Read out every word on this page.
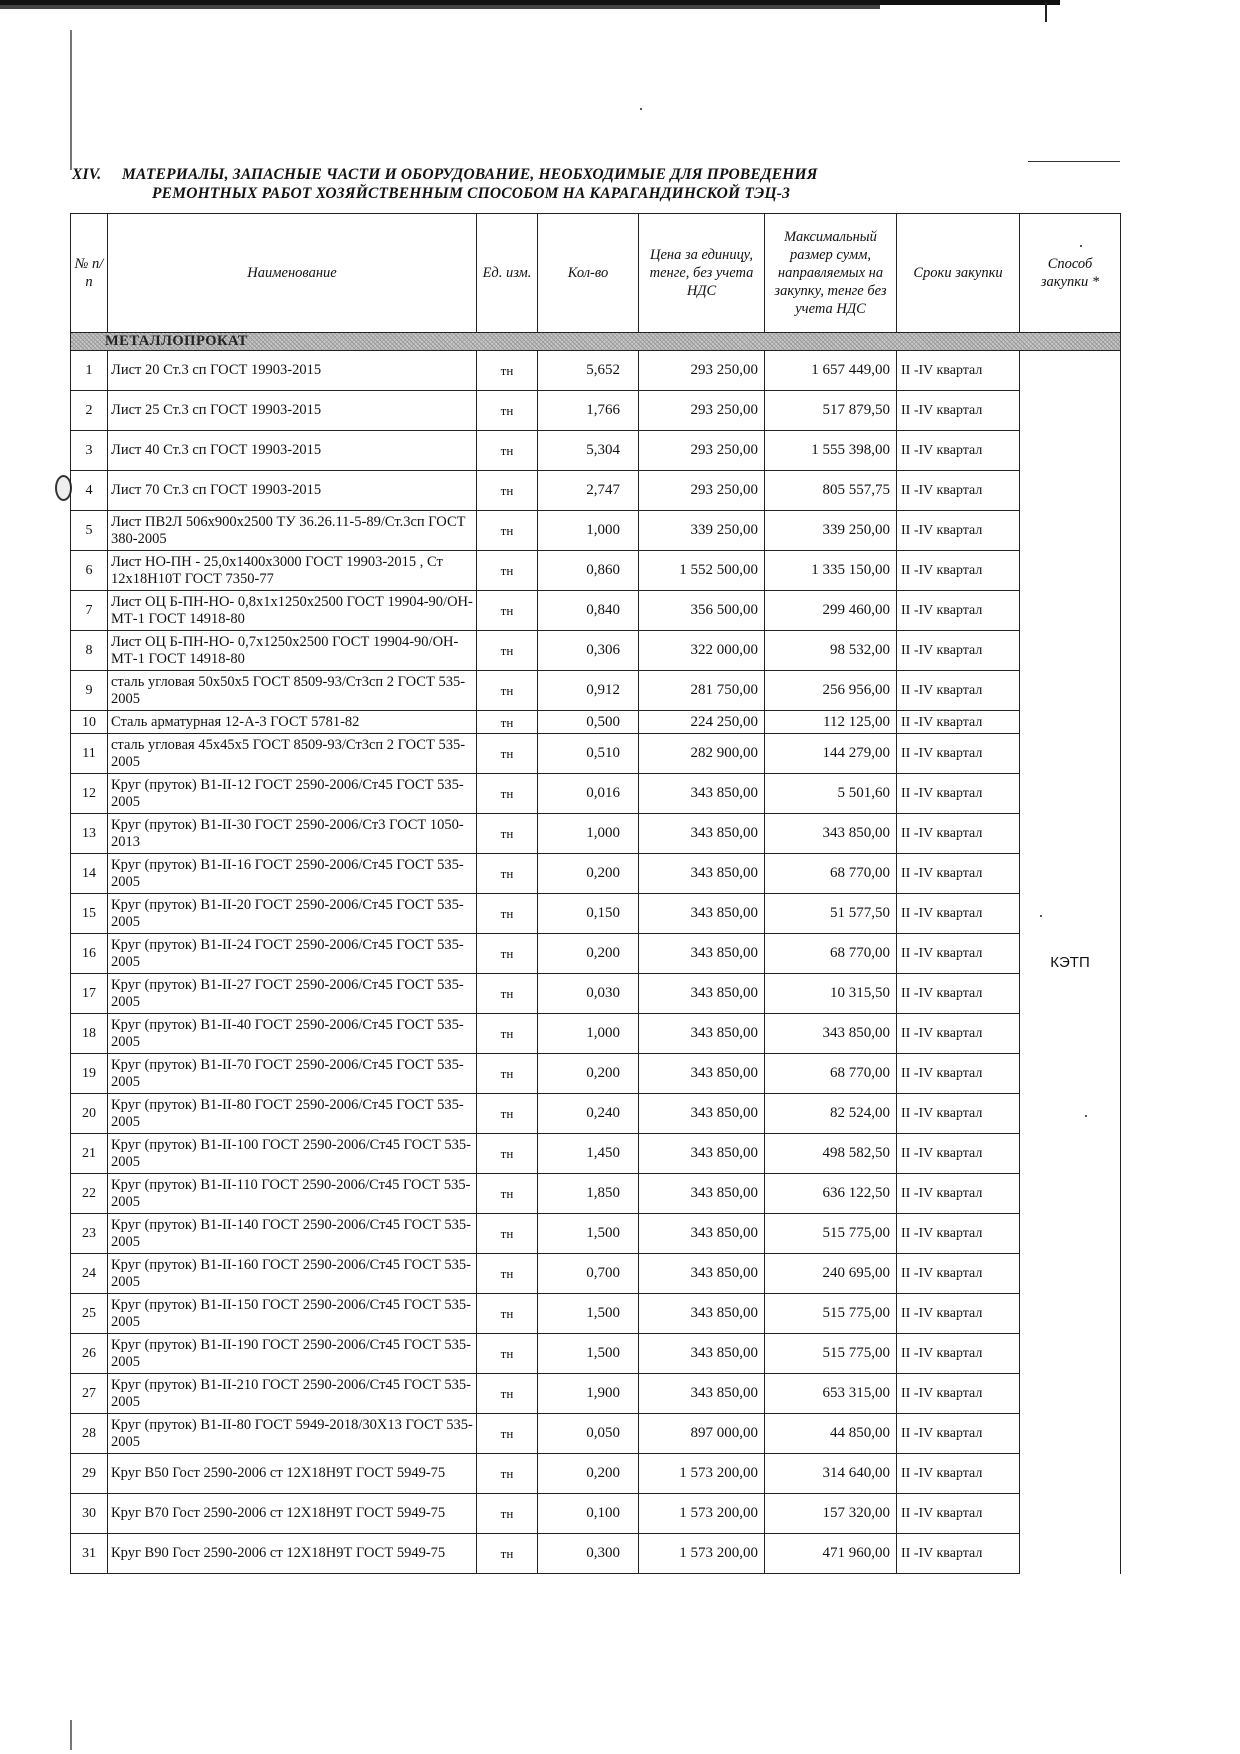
XIV. МАТЕРИАЛЫ, ЗАПАСНЫЕ ЧАСТИ И ОБОРУДОВАНИЕ, НЕОБХОДИМЫЕ ДЛЯ ПРОВЕДЕНИЯ
РЕМОНТНЫХ РАБОТ ХОЗЯЙСТВЕННЫМ СПОСОБОМ НА КАРАГАНДИНСКОЙ ТЭЦ-3
№ п/п	Наименование	Ед. изм.	Кол-во	Цена за единицу, тенге, без учета НДС	Максимальный размер сумм, направляемых на закупку, тенге без учета НДС	Сроки закупки	Способ закупки *
МЕТАЛЛОПРОКАТ							
1	Лист 20 Ст.3 сп ГОСТ 19903-2015	тн	5,652	293 250,00	1 657 449,00	II -IV квартал	КЭТП
2	Лист 25 Ст.3 сп ГОСТ 19903-2015	тн	1,766	293 250,00	517 879,50	II -IV квартал	
3	Лист 40 Ст.3 сп ГОСТ 19903-2015	тн	5,304	293 250,00	1 555 398,00	II -IV квартал	
4	Лист 70 Ст.3 сп ГОСТ 19903-2015	тн	2,747	293 250,00	805 557,75	II -IV квартал	
5	Лист ПВ2Л 506х900х2500 ТУ 36.26.11-5-89/Ст.3сп ГОСТ 380-2005	тн	1,000	339 250,00	339 250,00	II -IV квартал	
6	Лист НО-ПН - 25,0х1400х3000 ГОСТ 19903-2015 , Ст 12х18Н10Т ГОСТ 7350-77	тн	0,860	1 552 500,00	1 335 150,00	II -IV квартал	
7	Лист ОЦ Б-ПН-НО- 0,8х1х1250х2500 ГОСТ 19904-90/ОН-МТ-1 ГОСТ 14918-80	тн	0,840	356 500,00	299 460,00	II -IV квартал	
8	Лист ОЦ Б-ПН-НО- 0,7х1250х2500 ГОСТ 19904-90/ОН-МТ-1 ГОСТ 14918-80	тн	0,306	322 000,00	98 532,00	II -IV квартал	
9	сталь угловая 50х50х5 ГОСТ 8509-93/Ст3сп 2 ГОСТ 535-2005	тн	0,912	281 750,00	256 956,00	II -IV квартал	
10	Сталь арматурная 12-А-3 ГОСТ 5781-82	тн	0,500	224 250,00	112 125,00	II -IV квартал	
11	сталь угловая 45х45х5 ГОСТ 8509-93/Ст3сп 2 ГОСТ 535-2005	тн	0,510	282 900,00	144 279,00	II -IV квартал	
12	Круг (пруток) В1-II-12 ГОСТ 2590-2006/Ст45 ГОСТ 535-2005	тн	0,016	343 850,00	5 501,60	II -IV квартал	
13	Круг (пруток) В1-II-30 ГОСТ 2590-2006/Ст3 ГОСТ 1050-2013	тн	1,000	343 850,00	343 850,00	II -IV квартал	
14	Круг (пруток) В1-II-16 ГОСТ 2590-2006/Ст45 ГОСТ 535-2005	тн	0,200	343 850,00	68 770,00	II -IV квартал	
15	Круг (пруток) В1-II-20 ГОСТ 2590-2006/Ст45 ГОСТ 535-2005	тн	0,150	343 850,00	51 577,50	II -IV квартал	
16	Круг (пруток) В1-II-24 ГОСТ 2590-2006/Ст45 ГОСТ 535-2005	тн	0,200	343 850,00	68 770,00	II -IV квартал	
17	Круг (пруток) В1-II-27 ГОСТ 2590-2006/Ст45 ГОСТ 535-2005	тн	0,030	343 850,00	10 315,50	II -IV квартал	
18	Круг (пруток) В1-II-40 ГОСТ 2590-2006/Ст45 ГОСТ 535-2005	тн	1,000	343 850,00	343 850,00	II -IV квартал	
19	Круг (пруток) В1-II-70 ГОСТ 2590-2006/Ст45 ГОСТ 535-2005	тн	0,200	343 850,00	68 770,00	II -IV квартал	
20	Круг (пруток) В1-II-80 ГОСТ 2590-2006/Ст45 ГОСТ 535-2005	тн	0,240	343 850,00	82 524,00	II -IV квартал	
21	Круг (пруток) В1-II-100 ГОСТ 2590-2006/Ст45 ГОСТ 535-2005	тн	1,450	343 850,00	498 582,50	II -IV квартал	
22	Круг (пруток) В1-II-110 ГОСТ 2590-2006/Ст45 ГОСТ 535-2005	тн	1,850	343 850,00	636 122,50	II -IV квартал	
23	Круг (пруток) В1-II-140 ГОСТ 2590-2006/Ст45 ГОСТ 535-2005	тн	1,500	343 850,00	515 775,00	II -IV квартал	
24	Круг (пруток) В1-II-160 ГОСТ 2590-2006/Ст45 ГОСТ 535-2005	тн	0,700	343 850,00	240 695,00	II -IV квартал	
25	Круг (пруток) В1-II-150 ГОСТ 2590-2006/Ст45 ГОСТ 535-2005	тн	1,500	343 850,00	515 775,00	II -IV квартал	
26	Круг (пруток) В1-II-190 ГОСТ 2590-2006/Ст45 ГОСТ 535-2005	тн	1,500	343 850,00	515 775,00	II -IV квартал	
27	Круг (пруток) В1-II-210 ГОСТ 2590-2006/Ст45 ГОСТ 535-2005	тн	1,900	343 850,00	653 315,00	II -IV квартал	
28	Круг (пруток) В1-II-80 ГОСТ 5949-2018/30Х13 ГОСТ 535-2005	тн	0,050	897 000,00	44 850,00	II -IV квартал	
29	Круг В50 Гост 2590-2006 ст 12Х18Н9Т ГОСТ 5949-75	тн	0,200	1 573 200,00	314 640,00	II -IV квартал	
30	Круг В70 Гост 2590-2006 ст 12Х18Н9Т ГОСТ 5949-75	тн	0,100	1 573 200,00	157 320,00	II -IV квартал	
31	Круг В90 Гост 2590-2006 ст 12Х18Н9Т ГОСТ 5949-75	тн	0,300	1 573 200,00	471 960,00	II -IV квартал	
